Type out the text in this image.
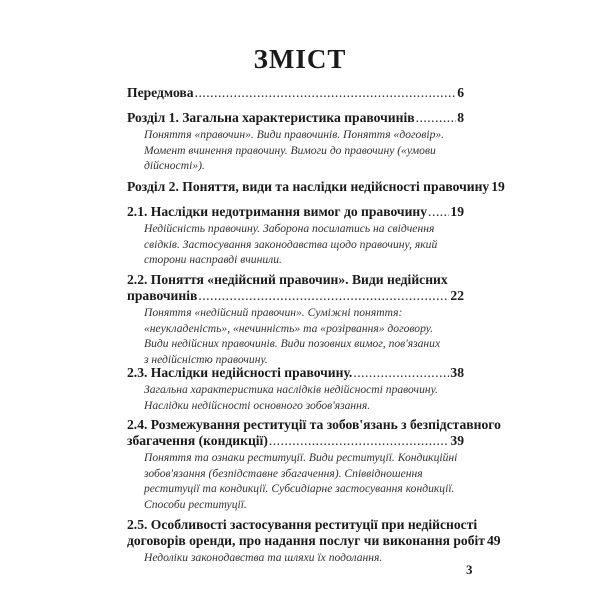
ЗМІСТ
Передмова .....	6
Розділ 1. Загальна характеристика правочинів .....	8
Поняття «правочин». Види правочинів. Поняття «договір».
Момент вчинення правочину. Вимоги до правочину («умови
дійсності»).
Розділ 2. Поняття, види та наслідки недійсності правочину 19
2.1. Наслідки недотримання вимог до правочину ..... 19
Недійсність правочину. Заборона посилатись на свідчення
свідків. Застосування законодавства щодо правочину, який
сторони насправді вчинили.
2.2. Поняття «недійсний правочин». Види недійсних
правочинів .....	22
Поняття «недійсний правочин». Суміжні поняття:
«неукладеність», «нечинність» та «розірвання» договору.
Види недійсних правочинів. Види позовних вимог, пов'язаних
з недійсністю правочину.
2.3. Наслідки недійсності правочину. .....	38
Загальна характеристика наслідків недійсності правочину.
Наслідки недійсності основного зобов'язання.
2.4. Розмежування реституції та зобов'язань з безпідставного
збагачення (кондикції) .....	39
Поняття та ознаки реституції. Види реституції. Кондикційні
зобов'язання (безпідставне збагачення). Співвідношення
реституції та кондикції. Субсидіарне застосування кондикції.
Способи реституції.
2.5. Особливості застосування реституції при недійсності
договорів оренди, про надання послуг чи виконання робіт 49
Недоліки законодавства та шляхи їх подолання.
3
